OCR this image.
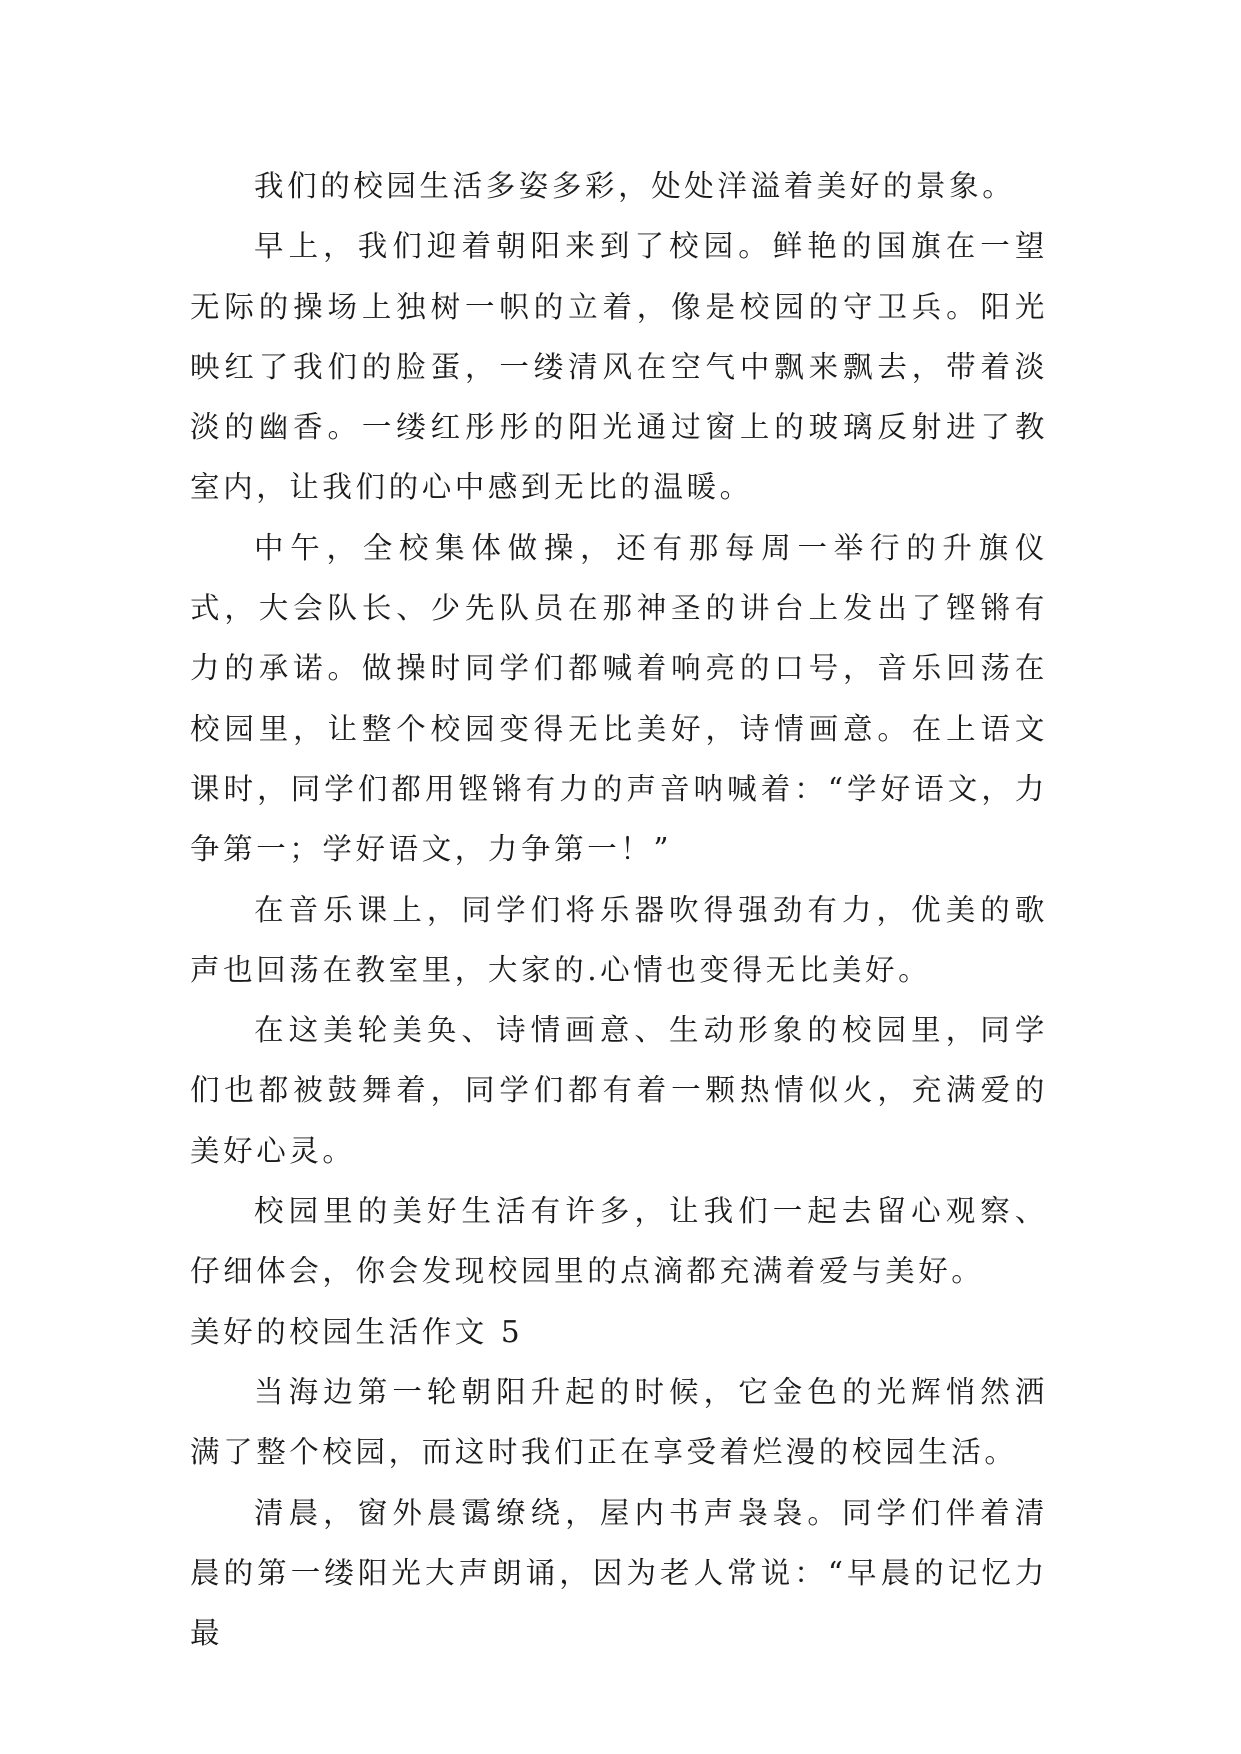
我们的校园生活多姿多彩，处处洋溢着美好的景象。

早上，我们迎着朝阳来到了校园。鲜艳的国旗在一望无际的操场上独树一帜的立着，像是校园的守卫兵。阳光映红了我们的脸蛋，一缕清风在空气中飘来飘去，带着淡淡的幽香。一缕红彤彤的阳光通过窗上的玻璃反射进了教室内，让我们的心中感到无比的温暖。

中午，全校集体做操，还有那每周一举行的升旗仪式，大会队长、少先队员在那神圣的讲台上发出了铿锵有力的承诺。做操时同学们都喊着响亮的口号，音乐回荡在校园里，让整个校园变得无比美好，诗情画意。在上语文课时，同学们都用铿锵有力的声音呐喊着：“学好语文，力争第一；学好语文，力争第一！”

在音乐课上，同学们将乐器吹得强劲有力，优美的歌声也回荡在教室里，大家的.心情也变得无比美好。

在这美轮美奂、诗情画意、生动形象的校园里，同学们也都被鼓舞着，同学们都有着一颗热情似火，充满爱的美好心灵。

校园里的美好生活有许多，让我们一起去留心观察、仔细体会，你会发现校园里的点滴都充满着爱与美好。

美好的校园生活作文 5

当海边第一轮朝阳升起的时候，它金色的光辉悄然洒满了整个校园，而这时我们正在享受着烂漫的校园生活。

清晨，窗外晨霭缭绕，屋内书声袅袅。同学们伴着清晨的第一缕阳光大声朗诵，因为老人常说：“早晨的记忆力最
